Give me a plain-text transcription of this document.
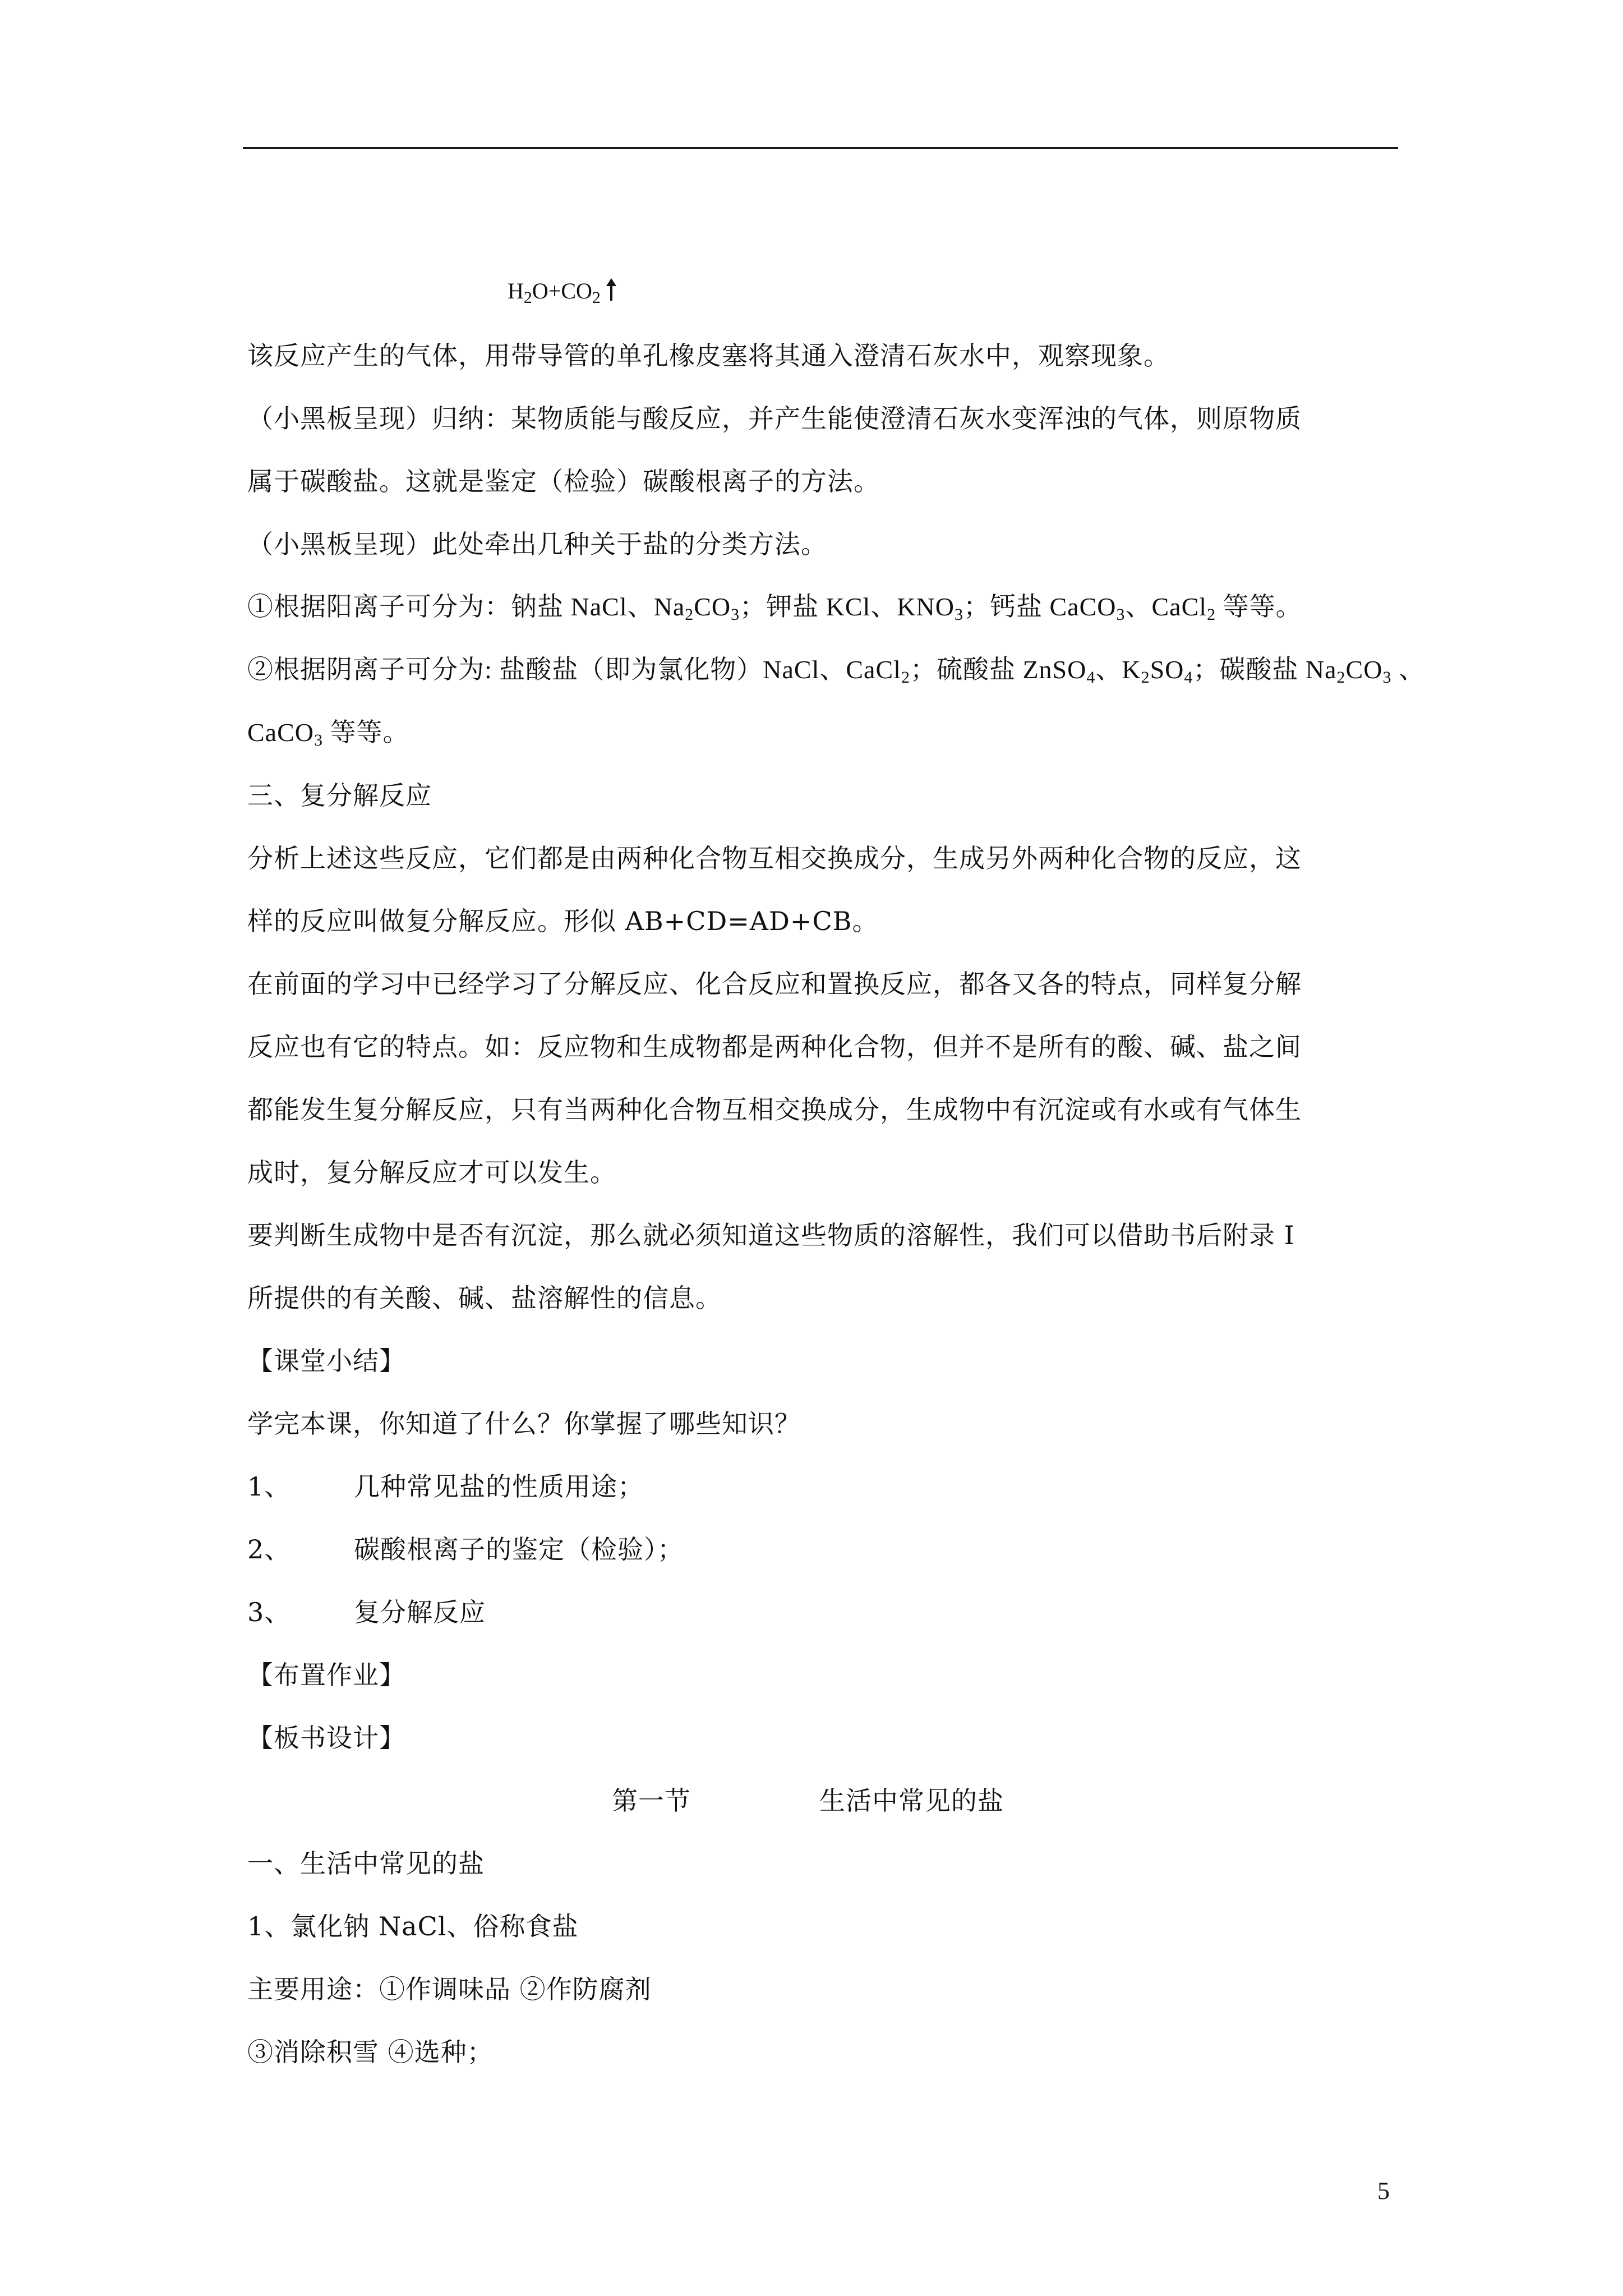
$H_2O+CO_2$
该反应产生的气体，用带导管的单孔橡皮塞将其通入澄清石灰水中，观察现象。
（小黑板呈现）归纳：某物质能与酸反应，并产生能使澄清石灰水变浑浊的气体，则原物质
属于碳酸盐。这就是鉴定（检验）碳酸根离子的方法。
（小黑板呈现）此处牵出几种关于盐的分类方法。
①根据阳离子可分为：钠盐 NaCl、$Na_2CO_3$；钾盐 KCl、$KNO_3$；钙盐 CaCO$_3$、CaCl$_2$ 等等。
②根据阴离子可分为: 盐酸盐（即为氯化物）NaCl、CaCl$_2$；硫酸盐 ZnSO$_4$、$K_2SO_4$；碳酸盐 $Na_2CO_3$ 、
CaCO$_3$ 等等。
三、复分解反应
分析上述这些反应，它们都是由两种化合物互相交换成分，生成另外两种化合物的反应，这
样的反应叫做复分解反应。形似 AB+CD=AD+CB。
在前面的学习中已经学习了分解反应、化合反应和置换反应，都各又各的特点，同样复分解
反应也有它的特点。如：反应物和生成物都是两种化合物，但并不是所有的酸、碱、盐之间
都能发生复分解反应，只有当两种化合物互相交换成分，生成物中有沉淀或有水或有气体生
成时，复分解反应才可以发生。
要判断生成物中是否有沉淀，那么就必须知道这些物质的溶解性，我们可以借助书后附录 I
所提供的有关酸、碱、盐溶解性的信息。
【课堂小结】
学完本课，你知道了什么？你掌握了哪些知识？
1、 几种常见盐的性质用途；
2、 碳酸根离子的鉴定（检验）；
3、 复分解反应
【布置作业】
【板书设计】
第一节	生活中常见的盐
一、生活中常见的盐
1、氯化钠 NaCl、俗称食盐
主要用途：①作调味品 ②作防腐剂
③消除积雪 ④选种；
5
